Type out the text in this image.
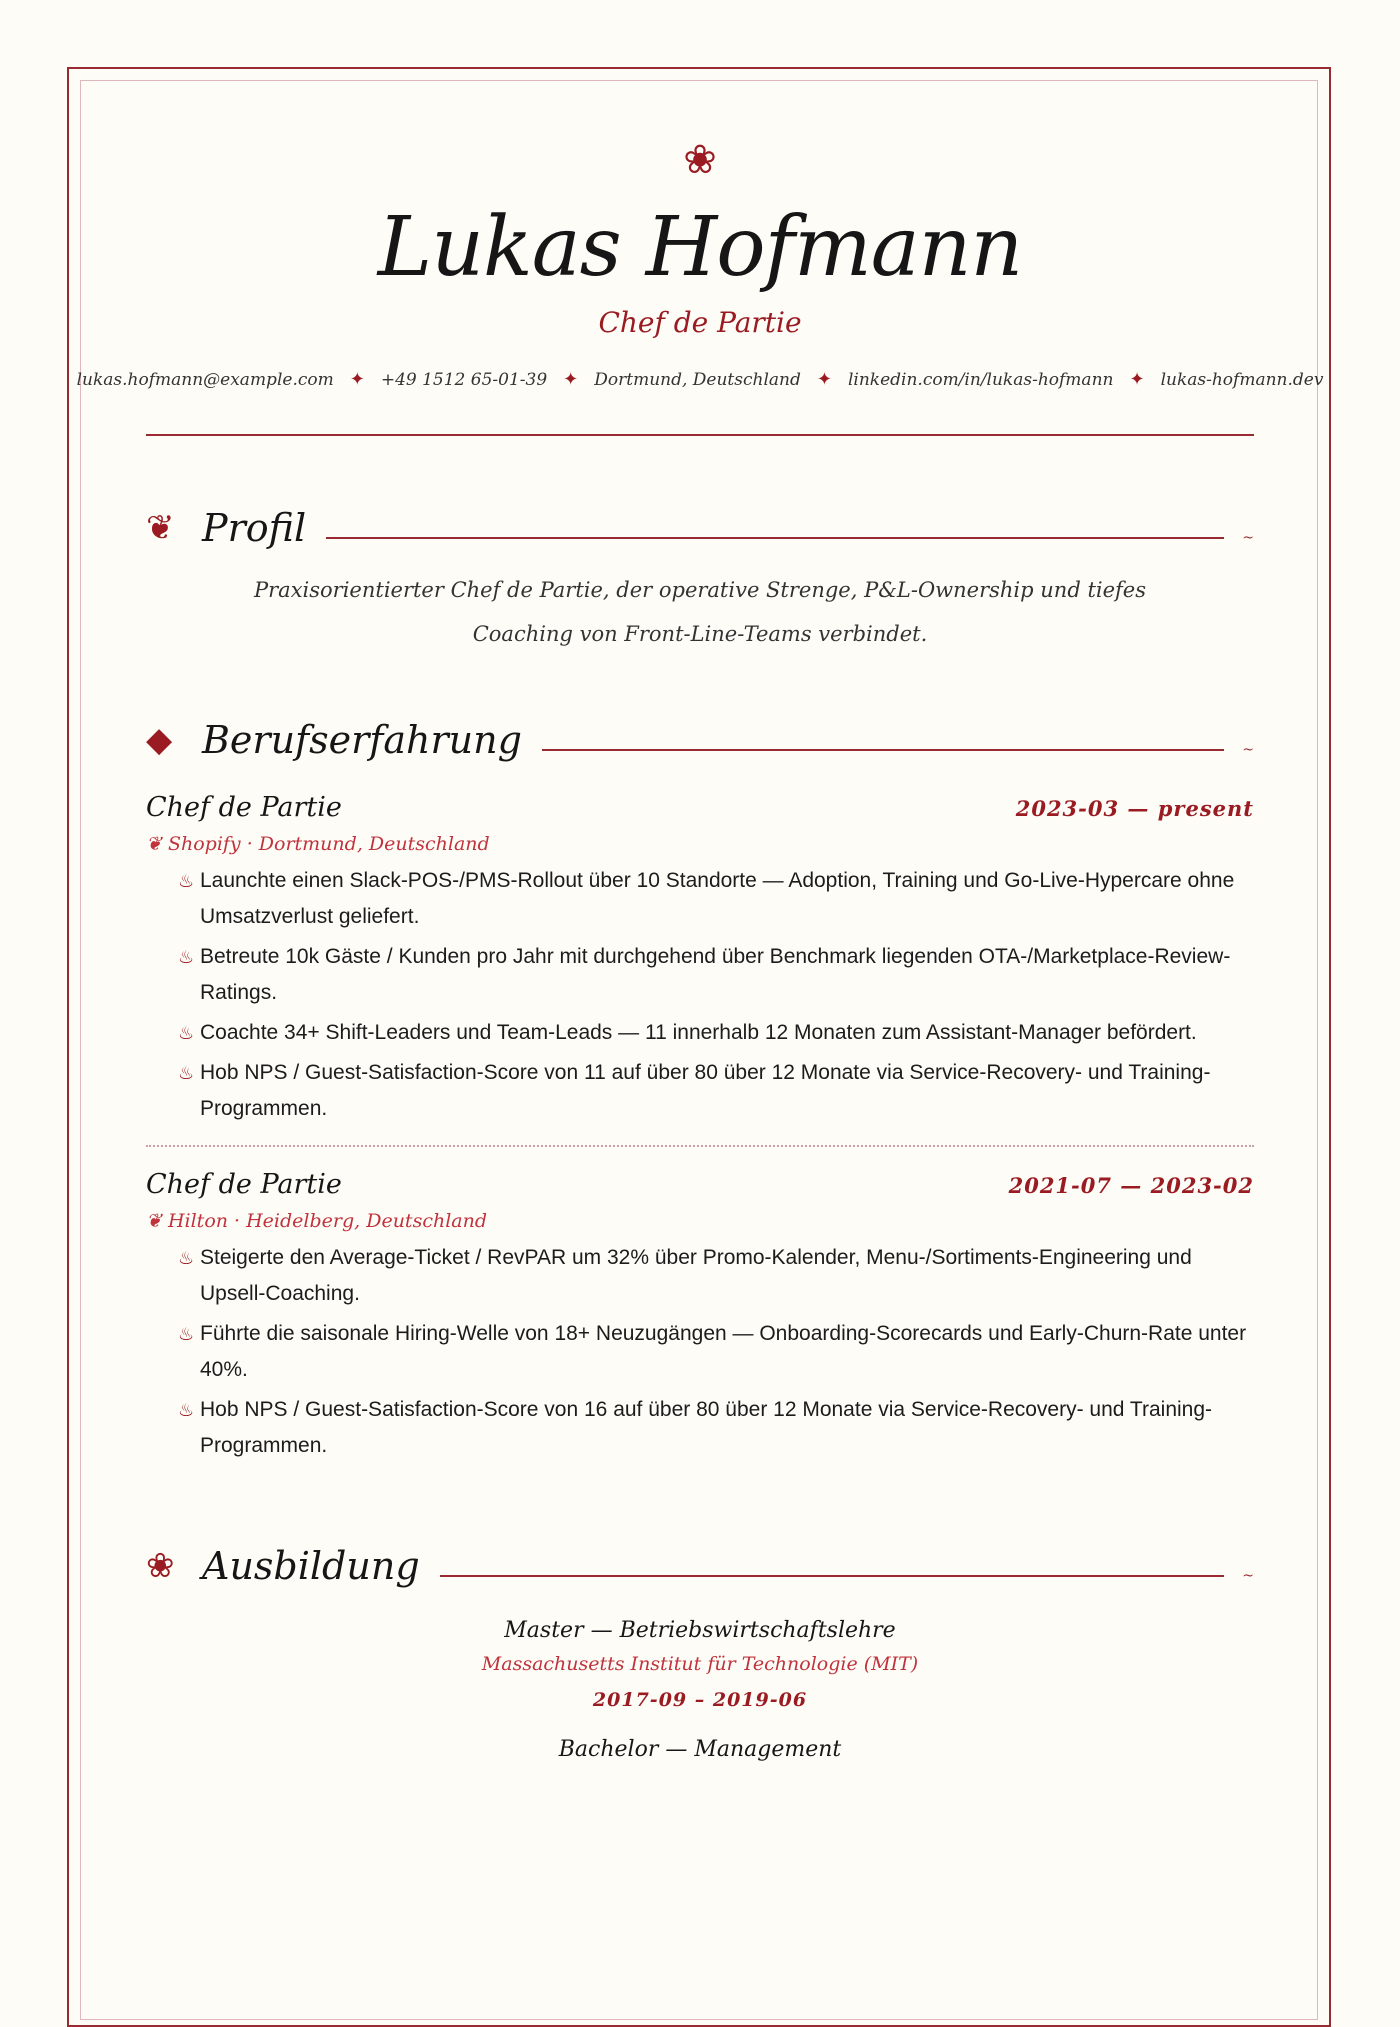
❀
Lukas Hofmann
Chef de Partie
lukas.hofmann@example.com ✦ +49 1512 65-01-39 ✦ Dortmund, Deutschland ✦ linkedin.com/in/lukas-hofmann ✦ lukas-hofmann.dev
❦ Profil	~
Praxisorientierter Chef de Partie, der operative Strenge, P&L-Ownership und tiefes Coaching von Front-Line-Teams verbindet.
◆ Berufserfahrung	~
Chef de Partie	2023-03 — present
❦ Shopify · Dortmund, Deutschland
♨ Launchte einen Slack-POS-/PMS-Rollout über 10 Standorte — Adoption, Training und Go-Live-Hypercare ohne Umsatzverlust geliefert.
♨ Betreute 10k Gäste / Kunden pro Jahr mit durchgehend über Benchmark liegenden OTA-/Marketplace-Review-Ratings.
♨ Coachte 34+ Shift-Leaders und Team-Leads — 11 innerhalb 12 Monaten zum Assistant-Manager befördert.
♨ Hob NPS / Guest-Satisfaction-Score von 11 auf über 80 über 12 Monate via Service-Recovery- und Training-Programmen.
Chef de Partie	2021-07 — 2023-02
❦ Hilton · Heidelberg, Deutschland
♨ Steigerte den Average-Ticket / RevPAR um 32% über Promo-Kalender, Menu-/Sortiments-Engineering und Upsell-Coaching.
♨ Führte die saisonale Hiring-Welle von 18+ Neuzugängen — Onboarding-Scorecards und Early-Churn-Rate unter 40%.
♨ Hob NPS / Guest-Satisfaction-Score von 16 auf über 80 über 12 Monate via Service-Recovery- und Training-Programmen.
❀ Ausbildung	~
Master — Betriebswirtschaftslehre
Massachusetts Institut für Technologie (MIT)
2017-09 – 2019-06
Bachelor — Management
